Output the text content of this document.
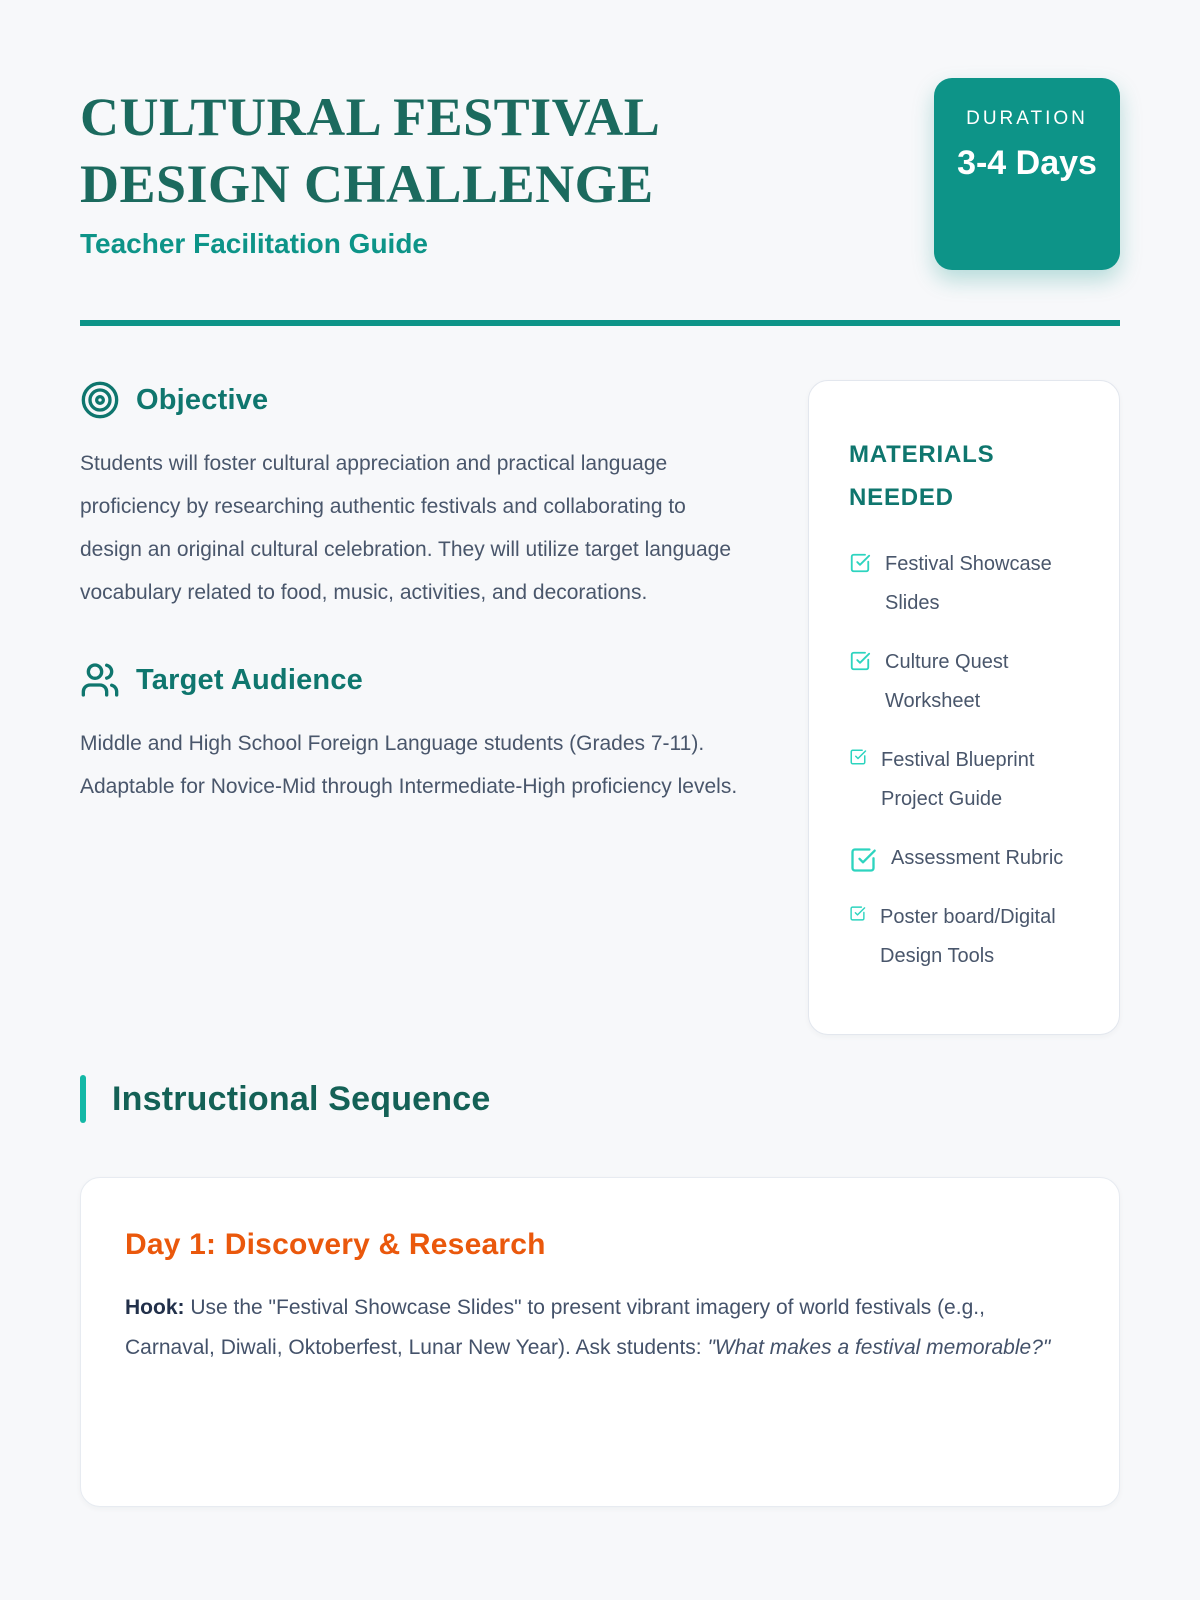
CULTURAL FESTIVAL DESIGN CHALLENGE
Teacher Facilitation Guide
DURATION
3-4 Days
Objective

Students will foster cultural appreciation and practical language proficiency by researching authentic festivals and collaborating to design an original cultural celebration. They will utilize target language vocabulary related to food, music, activities, and decorations.

Target Audience

Middle and High School Foreign Language students (Grades 7-11). Adaptable for Novice-Mid through Intermediate-High proficiency levels.

MATERIALS NEEDED
Festival Showcase Slides
Culture Quest Worksheet
Festival Blueprint Project Guide
Assessment Rubric
Poster board/Digital Design Tools
Instructional Sequence
Day 1: Discovery & Research

Hook: Use the "Festival Showcase Slides" to present vibrant imagery of world festivals (e.g., Carnaval, Diwali, Oktoberfest, Lunar New Year). Ask students: "What makes a festival memorable?"
